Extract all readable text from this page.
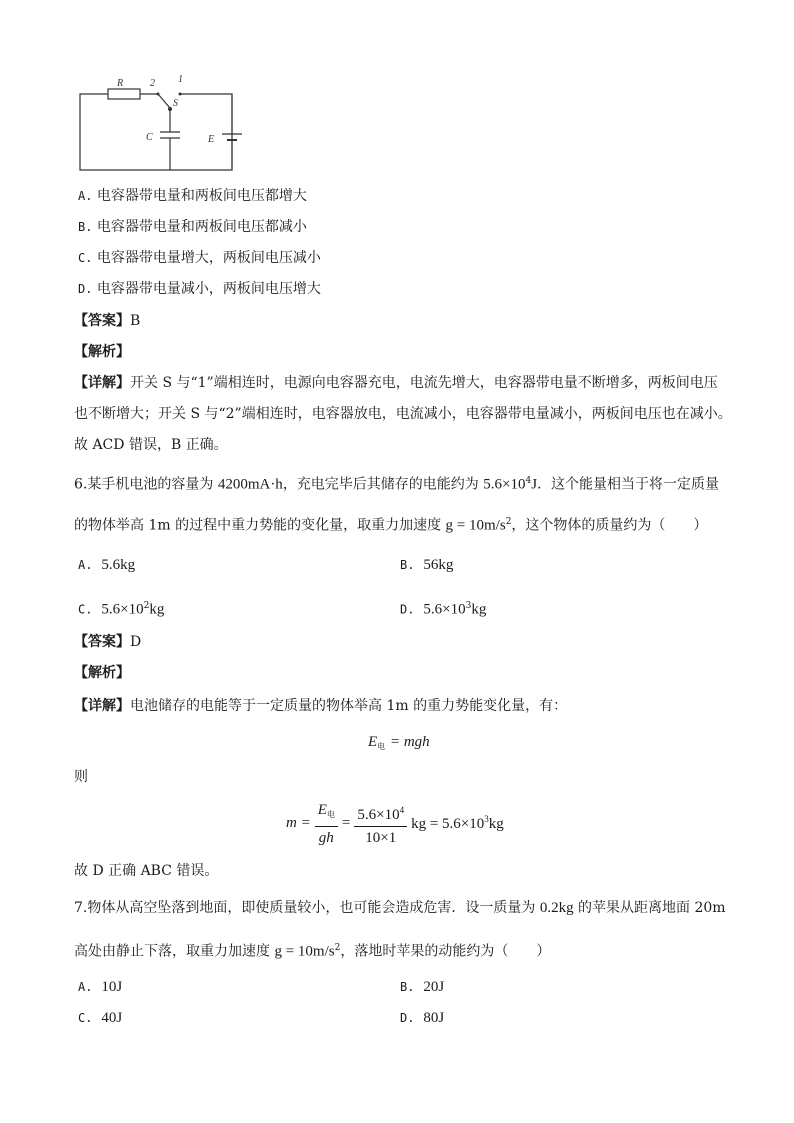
R	2 1
S
C	E
A. 电容器带电量和两板间电压都增大
B. 电容器带电量和两板间电压都减小
C. 电容器带电量增大，两板间电压减小
D. 电容器带电量减小，两板间电压增大
【答案】B
【解析】
【详解】开关 S 与“1”端相连时，电源向电容器充电，电流先增大，电容器带电量不断增多，两板间电压
也不断增大；开关 S 与“2”端相连时，电容器放电，电流减小，电容器带电量减小，两板间电压也在减小。
故 ACD 错误，B 正确。
6.某手机电池的容量为 4200mA·h，充电完毕后其储存的电能约为 $5.6\times 10^4J$．这个能量相当于将一定质量
的物体举高 1m 的过程中重力势能的变化量，取重力加速度 $g = 10m/s^2$，这个物体的质量约为（　　）
A. 5.6kg	B. 56kg
C. $5.6\times 10^2kg$	D. $5.6\times 10^3kg$
【答案】D
【解析】
【详解】电池储存的电能等于一定质量的物体举高 1m 的重力势能变化量，有：
$E_电$ = mgh
则
$m = \frac{E_电}{gh} = \frac{5.6\times 10^4}{10\times 1}$ kg = $5.6\times 10^3kg$
故 D 正确 ABC 错误。
7.物体从高空坠落到地面，即使质量较小，也可能会造成危害．设一质量为 0.2kg 的苹果从距离地面 20m
高处由静止下落，取重力加速度 $g = 10m/s^2$，落地时苹果的动能约为（　　）
A. 10J	B. 20J
C. 40J	D. 80J
